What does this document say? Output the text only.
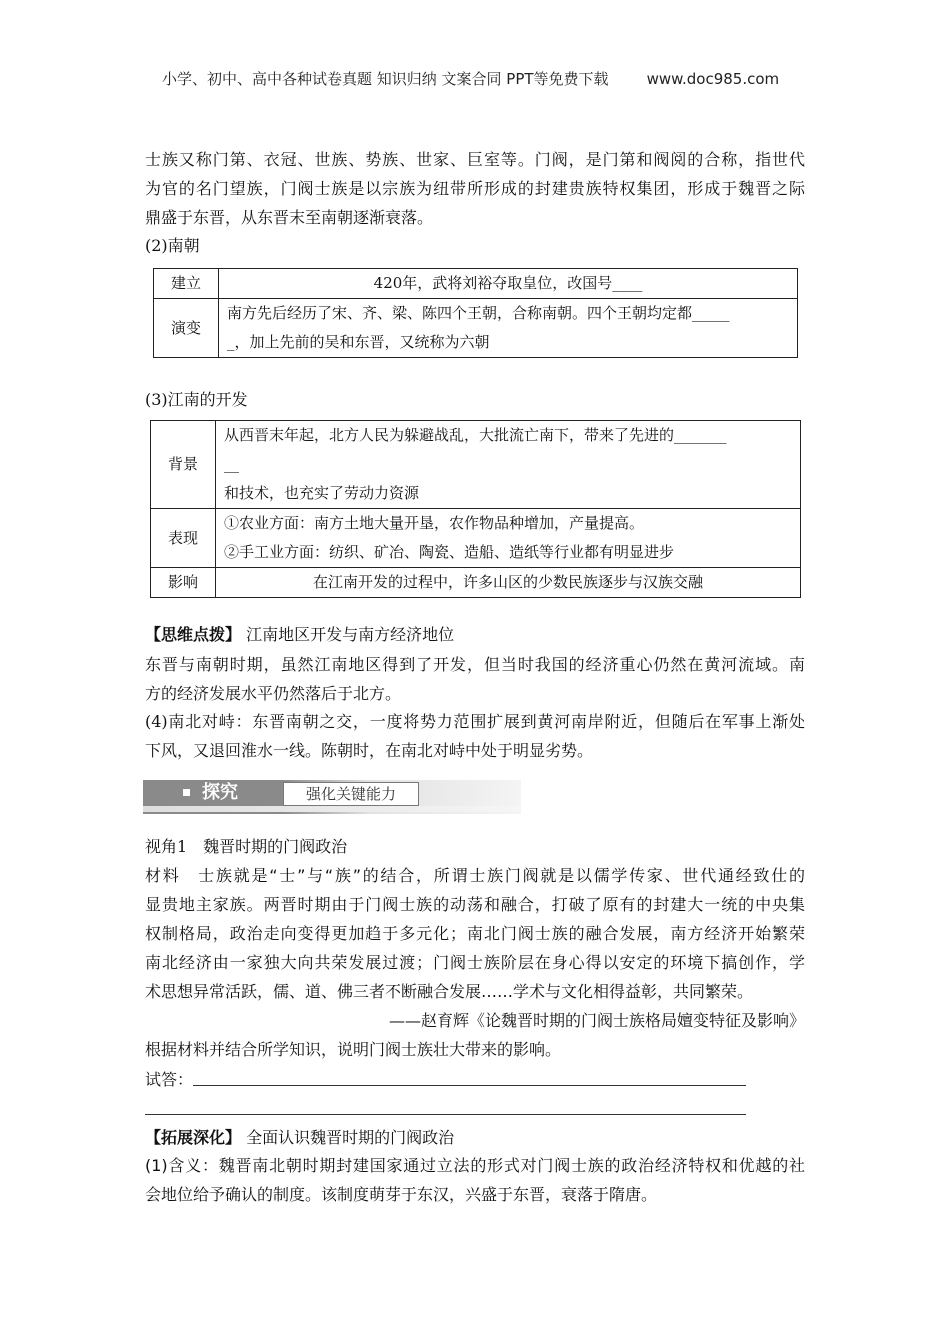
小学、初中、高中各种试卷真题 知识归纳 文案合同 PPT等免费下载	www.doc985.com
士族又称门第、衣冠、世族、势族、世家、巨室等。门阀，是门第和阀阅的合称，指世代
为官的名门望族，门阀士族是以宗族为纽带所形成的封建贵族特权集团，形成于魏晋之际
鼎盛于东晋，从东晋末至南朝逐渐衰落。
(2)南朝
建立	420年，武将刘裕夺取皇位，改国号____
演变	南方先后经历了宋、齐、梁、陈四个王朝，合称南朝。四个王朝均定都_____
_，加上先前的吴和东晋，又统称为六朝
(3)江南的开发
背景	从西晋末年起，北方人民为躲避战乱，大批流亡南下，带来了先进的_______
__
和技术，也充实了劳动力资源

表现	①农业方面：南方土地大量开垦，农作物品种增加，产量提高。
②手工业方面：纺织、矿冶、陶瓷、造船、造纸等行业都有明显进步

影响	在江南开发的过程中，许多山区的少数民族逐步与汉族交融
【思维点拨】 江南地区开发与南方经济地位
东晋与南朝时期，虽然江南地区得到了开发，但当时我国的经济重心仍然在黄河流域。南
方的经济发展水平仍然落后于北方。
(4)南北对峙：东晋南朝之交，一度将势力范围扩展到黄河南岸附近，但随后在军事上渐处
下风，又退回淮水一线。陈朝时，在南北对峙中处于明显劣势。
探究	强化关键能力
视角1　魏晋时期的门阀政治
材料　士族就是“士”与“族”的结合，所谓士族门阀就是以儒学传家、世代通经致仕的
显贵地主家族。两晋时期由于门阀士族的动荡和融合，打破了原有的封建大一统的中央集
权制格局，政治走向变得更加趋于多元化；南北门阀士族的融合发展，南方经济开始繁荣
南北经济由一家独大向共荣发展过渡；门阀士族阶层在身心得以安定的环境下搞创作，学
术思想异常活跃，儒、道、佛三者不断融合发展……学术与文化相得益彰，共同繁荣。
——赵育辉《论魏晋时期的门阀士族格局嬗变特征及影响》
根据材料并结合所学知识，说明门阀士族壮大带来的影响。
试答：
【拓展深化】 全面认识魏晋时期的门阀政治
(1)含义：魏晋南北朝时期封建国家通过立法的形式对门阀士族的政治经济特权和优越的社
会地位给予确认的制度。该制度萌芽于东汉，兴盛于东晋，衰落于隋唐。
